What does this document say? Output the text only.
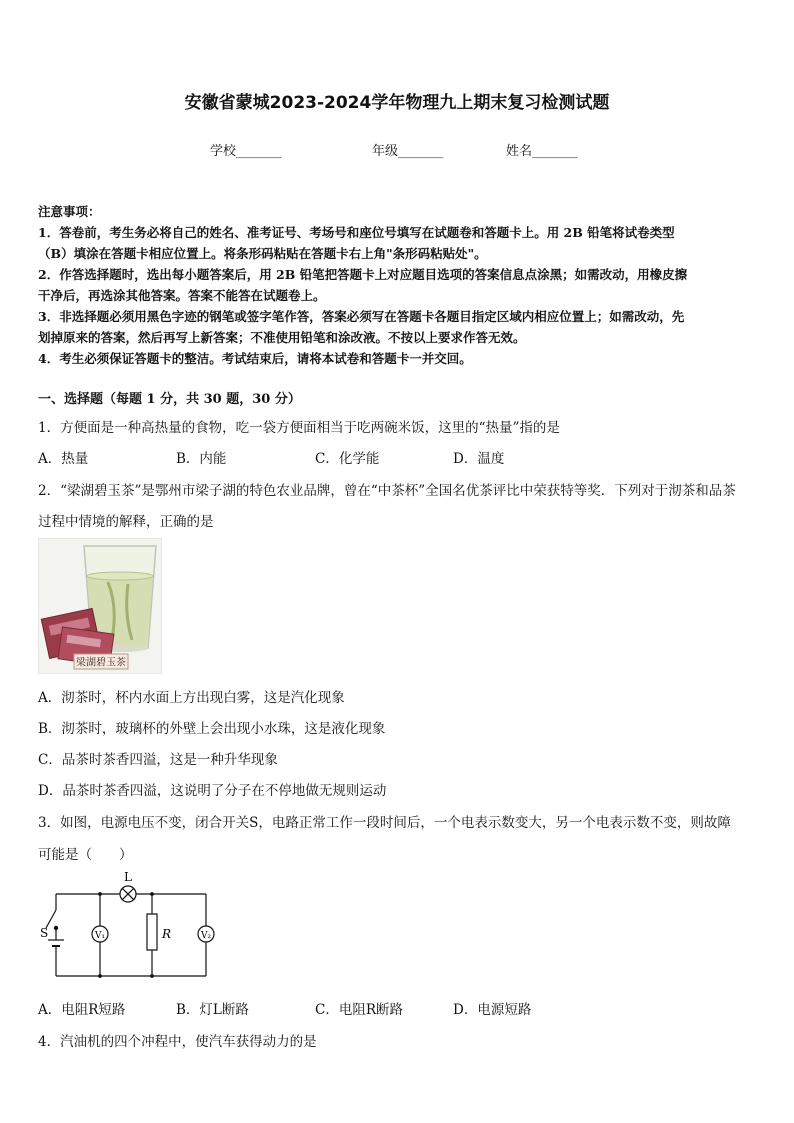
安徽省蒙城2023-2024学年物理九上期末复习检测试题
学校_______	年级_______	姓名_______
注意事项：
1．答卷前，考生务必将自己的姓名、准考证号、考场号和座位号填写在试题卷和答题卡上。用 2B 铅笔将试卷类型
（B）填涂在答题卡相应位置上。将条形码粘贴在答题卡右上角"条形码粘贴处"。
2．作答选择题时，选出每小题答案后，用 2B 铅笔把答题卡上对应题目选项的答案信息点涂黑；如需改动，用橡皮擦
干净后，再选涂其他答案。答案不能答在试题卷上。
3．非选择题必须用黑色字迹的钢笔或签字笔作答，答案必须写在答题卡各题目指定区域内相应位置上；如需改动，先
划掉原来的答案，然后再写上新答案；不准使用铅笔和涂改液。不按以上要求作答无效。
4．考生必须保证答题卡的整洁。考试结束后，请将本试卷和答题卡一并交回。
一、选择题（每题 1 分，共 30 题，30 分）
1．方便面是一种高热量的食物，吃一袋方便面相当于吃两碗米饭，这里的“热量”指的是
A．热量	B．内能	C．化学能	D．温度
2．“梁湖碧玉茶”是鄂州市梁子湖的特色农业品牌，曾在“中茶杯”全国名优茶评比中荣获特等奖．下列对于沏茶和品茶
过程中情境的解释，正确的是
梁湖碧玉茶
A．沏茶时，杯内水面上方出现白雾，这是汽化现象
B．沏茶时，玻璃杯的外壁上会出现小水珠，这是液化现象
C．品茶时茶香四溢，这是一种升华现象
D．品茶时茶香四溢，这说明了分子在不停地做无规则运动
3．如图，电源电压不变，闭合开关S，电路正常工作一段时间后，一个电表示数变大，另一个电表示数不变，则故障
可能是（　　）
L
S	V₁	R	V₂
A．电阻R短路	B．灯L断路	C．电阻R断路	D．电源短路
4．汽油机的四个冲程中，使汽车获得动力的是
